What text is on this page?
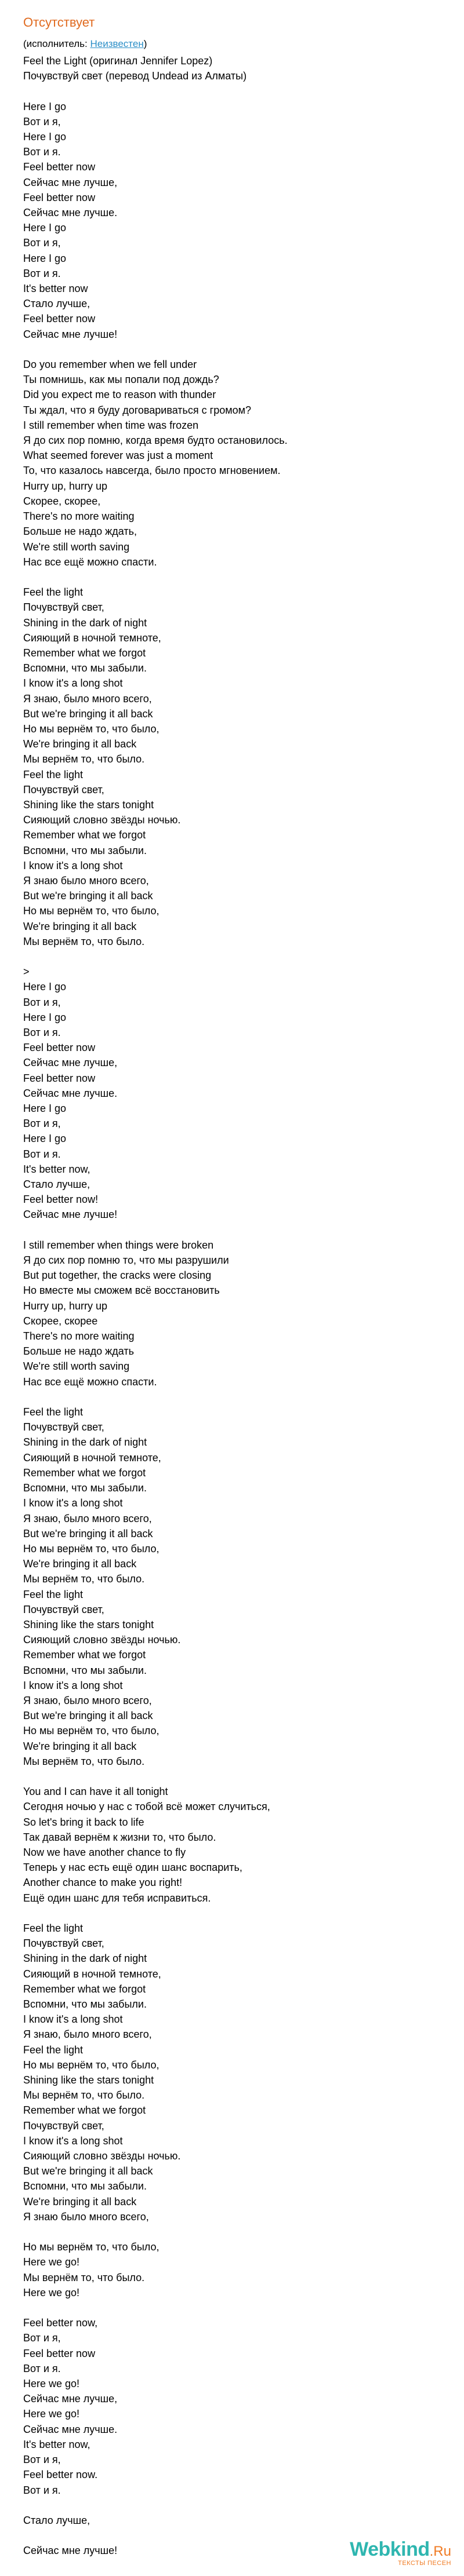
Отсутствует
(исполнитель: Неизвестен)
Feel the Light (оригинал Jennifer Lopez)
Почувствуй свет (перевод Undead из Алматы)

Here I go
Вот и я,
Here I go
Вот и я.
Feel better now
Сейчас мне лучше,
Feel better now
Сейчас мне лучше.
Here I go
Вот и я,
Here I go
Вот и я.
It's better now
Стало лучше,
Feel better now
Сейчас мне лучше!

Do you remember when we fell under
Ты помнишь, как мы попали под дождь?
Did you expect me to reason with thunder
Ты ждал, что я буду договариваться с громом?
I still remember when time was frozen
Я до сих пор помню, когда время будто остановилось.
What seemed forever was just a moment
То, что казалось навсегда, было просто мгновением.
Hurry up, hurry up
Скорее, скорее,
There's no more waiting
Больше не надо ждать,
We're still worth saving
Нас все ещё можно спасти.

Feel the light
Почувствуй свет,
Shining in the dark of night
Сияющий в ночной темноте,
Remember what we forgot
Вспомни, что мы забыли.
I know it's a long shot
Я знаю, было много всего,
But we're bringing it all back
Но мы вернём то, что было,
We're bringing it all back
Мы вернём то, что было.
Feel the light
Почувствуй свет,
Shining like the stars tonight
Сияющий словно звёзды ночью.
Remember what we forgot
Вспомни, что мы забыли.
I know it's a long shot
Я знаю было много всего,
But we're bringing it all back
Но мы вернём то, что было,
We're bringing it all back
Мы вернём то, что было.

>
Here I go
Вот и я,
Here I go
Вот и я.
Feel better now
Сейчас мне лучше,
Feel better now
Сейчас мне лучше.
Here I go
Вот и я,
Here I go
Вот и я.
It's better now,
Стало лучше,
Feel better now!
Сейчас мне лучше!

I still remember when things were broken
Я до сих пор помню то, что мы разрушили
But put together, the cracks were closing
Но вместе мы сможем всё восстановить
Hurry up, hurry up
Скорее, скорее
There's no more waiting
Больше не надо ждать
We're still worth saving
Нас все ещё можно спасти.

Feel the light
Почувствуй свет,
Shining in the dark of night
Сияющий в ночной темноте,
Remember what we forgot
Вспомни, что мы забыли.
I know it's a long shot
Я знаю, было много всего,
But we're bringing it all back
Но мы вернём то, что было,
We're bringing it all back
Мы вернём то, что было.
Feel the light
Почувствуй свет,
Shining like the stars tonight
Сияющий словно звёзды ночью.
Remember what we forgot
Вспомни, что мы забыли.
I know it's a long shot
Я знаю, было много всего,
But we're bringing it all back
Но мы вернём то, что было,
We're bringing it all back
Мы вернём то, что было.

You and I can have it all tonight
Сегодня ночью у нас с тобой всё может случиться,
So let's bring it back to life
Так давай вернём к жизни то, что было.
Now we have another chance to fly
Теперь у нас есть ещё один шанс воспарить,
Another chance to make you right!
Ещё один шанс для тебя исправиться.

Feel the light
Почувствуй свет,
Shining in the dark of night
Сияющий в ночной темноте,
Remember what we forgot
Вспомни, что мы забыли.
I know it's a long shot
Я знаю, было много всего,
Feel the light
Но мы вернём то, что было,
Shining like the stars tonight
Мы вернём то, что было.
Remember what we forgot
Почувствуй свет,
I know it's a long shot
Сияющий словно звёзды ночью.
But we're bringing it all back
Вспомни, что мы забыли.
We're bringing it all back
Я знаю было много всего,

Но мы вернём то, что было,
Here we go!
Мы вернём то, что было.
Here we go!

Feel better now,
Вот и я,
Feel better now
Вот и я.
Here we go!
Сейчас мне лучше,
Here we go!
Сейчас мне лучше.
It's better now,
Вот и я,
Feel better now.
Вот и я.

Стало лучше,

Сейчас мне лучше!	Webkind.Ru
ТЕКСТЫ ПЕСЕН
